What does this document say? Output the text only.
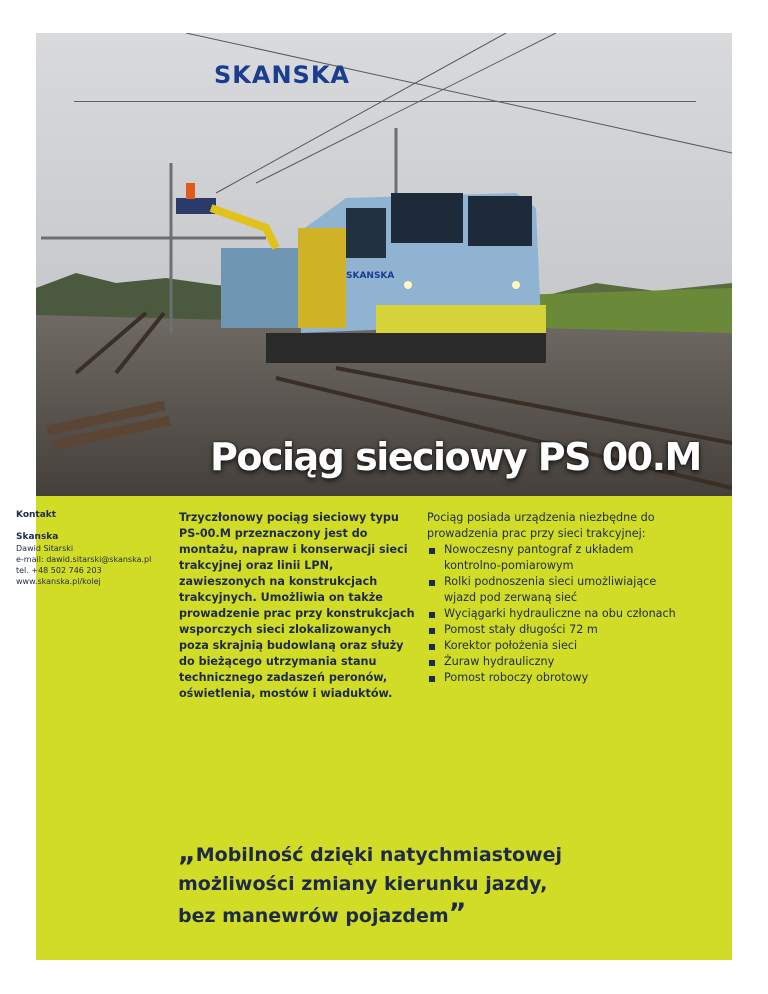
SKANSKA
SKANSKA
Pociąg sieciowy PS 00.M
Kontakt
Skanska
Dawid Sitarski
e-mail: dawid.sitarski@skanska.pl
tel. +48 502 746 203
www.skanska.pl/kolej
Trzyczłonowy pociąg sieciowy typu PS-00.M przeznaczony jest do montażu, napraw i konserwacji sieci trakcyjnej oraz linii LPN, zawieszonych na konstrukcjach trakcyjnych. Umożliwia on także prowadzenie prac przy konstrukcjach wsporczych sieci zlokalizowanych poza skrajnią budowlaną oraz służy do bieżącego utrzymania stanu technicznego zadaszeń peronów, oświetlenia, mostów i wiaduktów.
Pociąg posiada urządzenia niezbędne do prowadzenia prac przy sieci trakcyjnej:
Nowoczesny pantograf z układem kontrolno-pomiarowym
Rolki podnoszenia sieci umożliwiające wjazd pod zerwaną sieć
Wyciągarki hydrauliczne na obu członach
Pomost stały długości 72 m
Korektor położenia sieci
Żuraw hydrauliczny
Pomost roboczy obrotowy
„Mobilność dzięki natychmiastowej
możliwości zmiany kierunku jazdy,
bez manewrów pojazdem”
